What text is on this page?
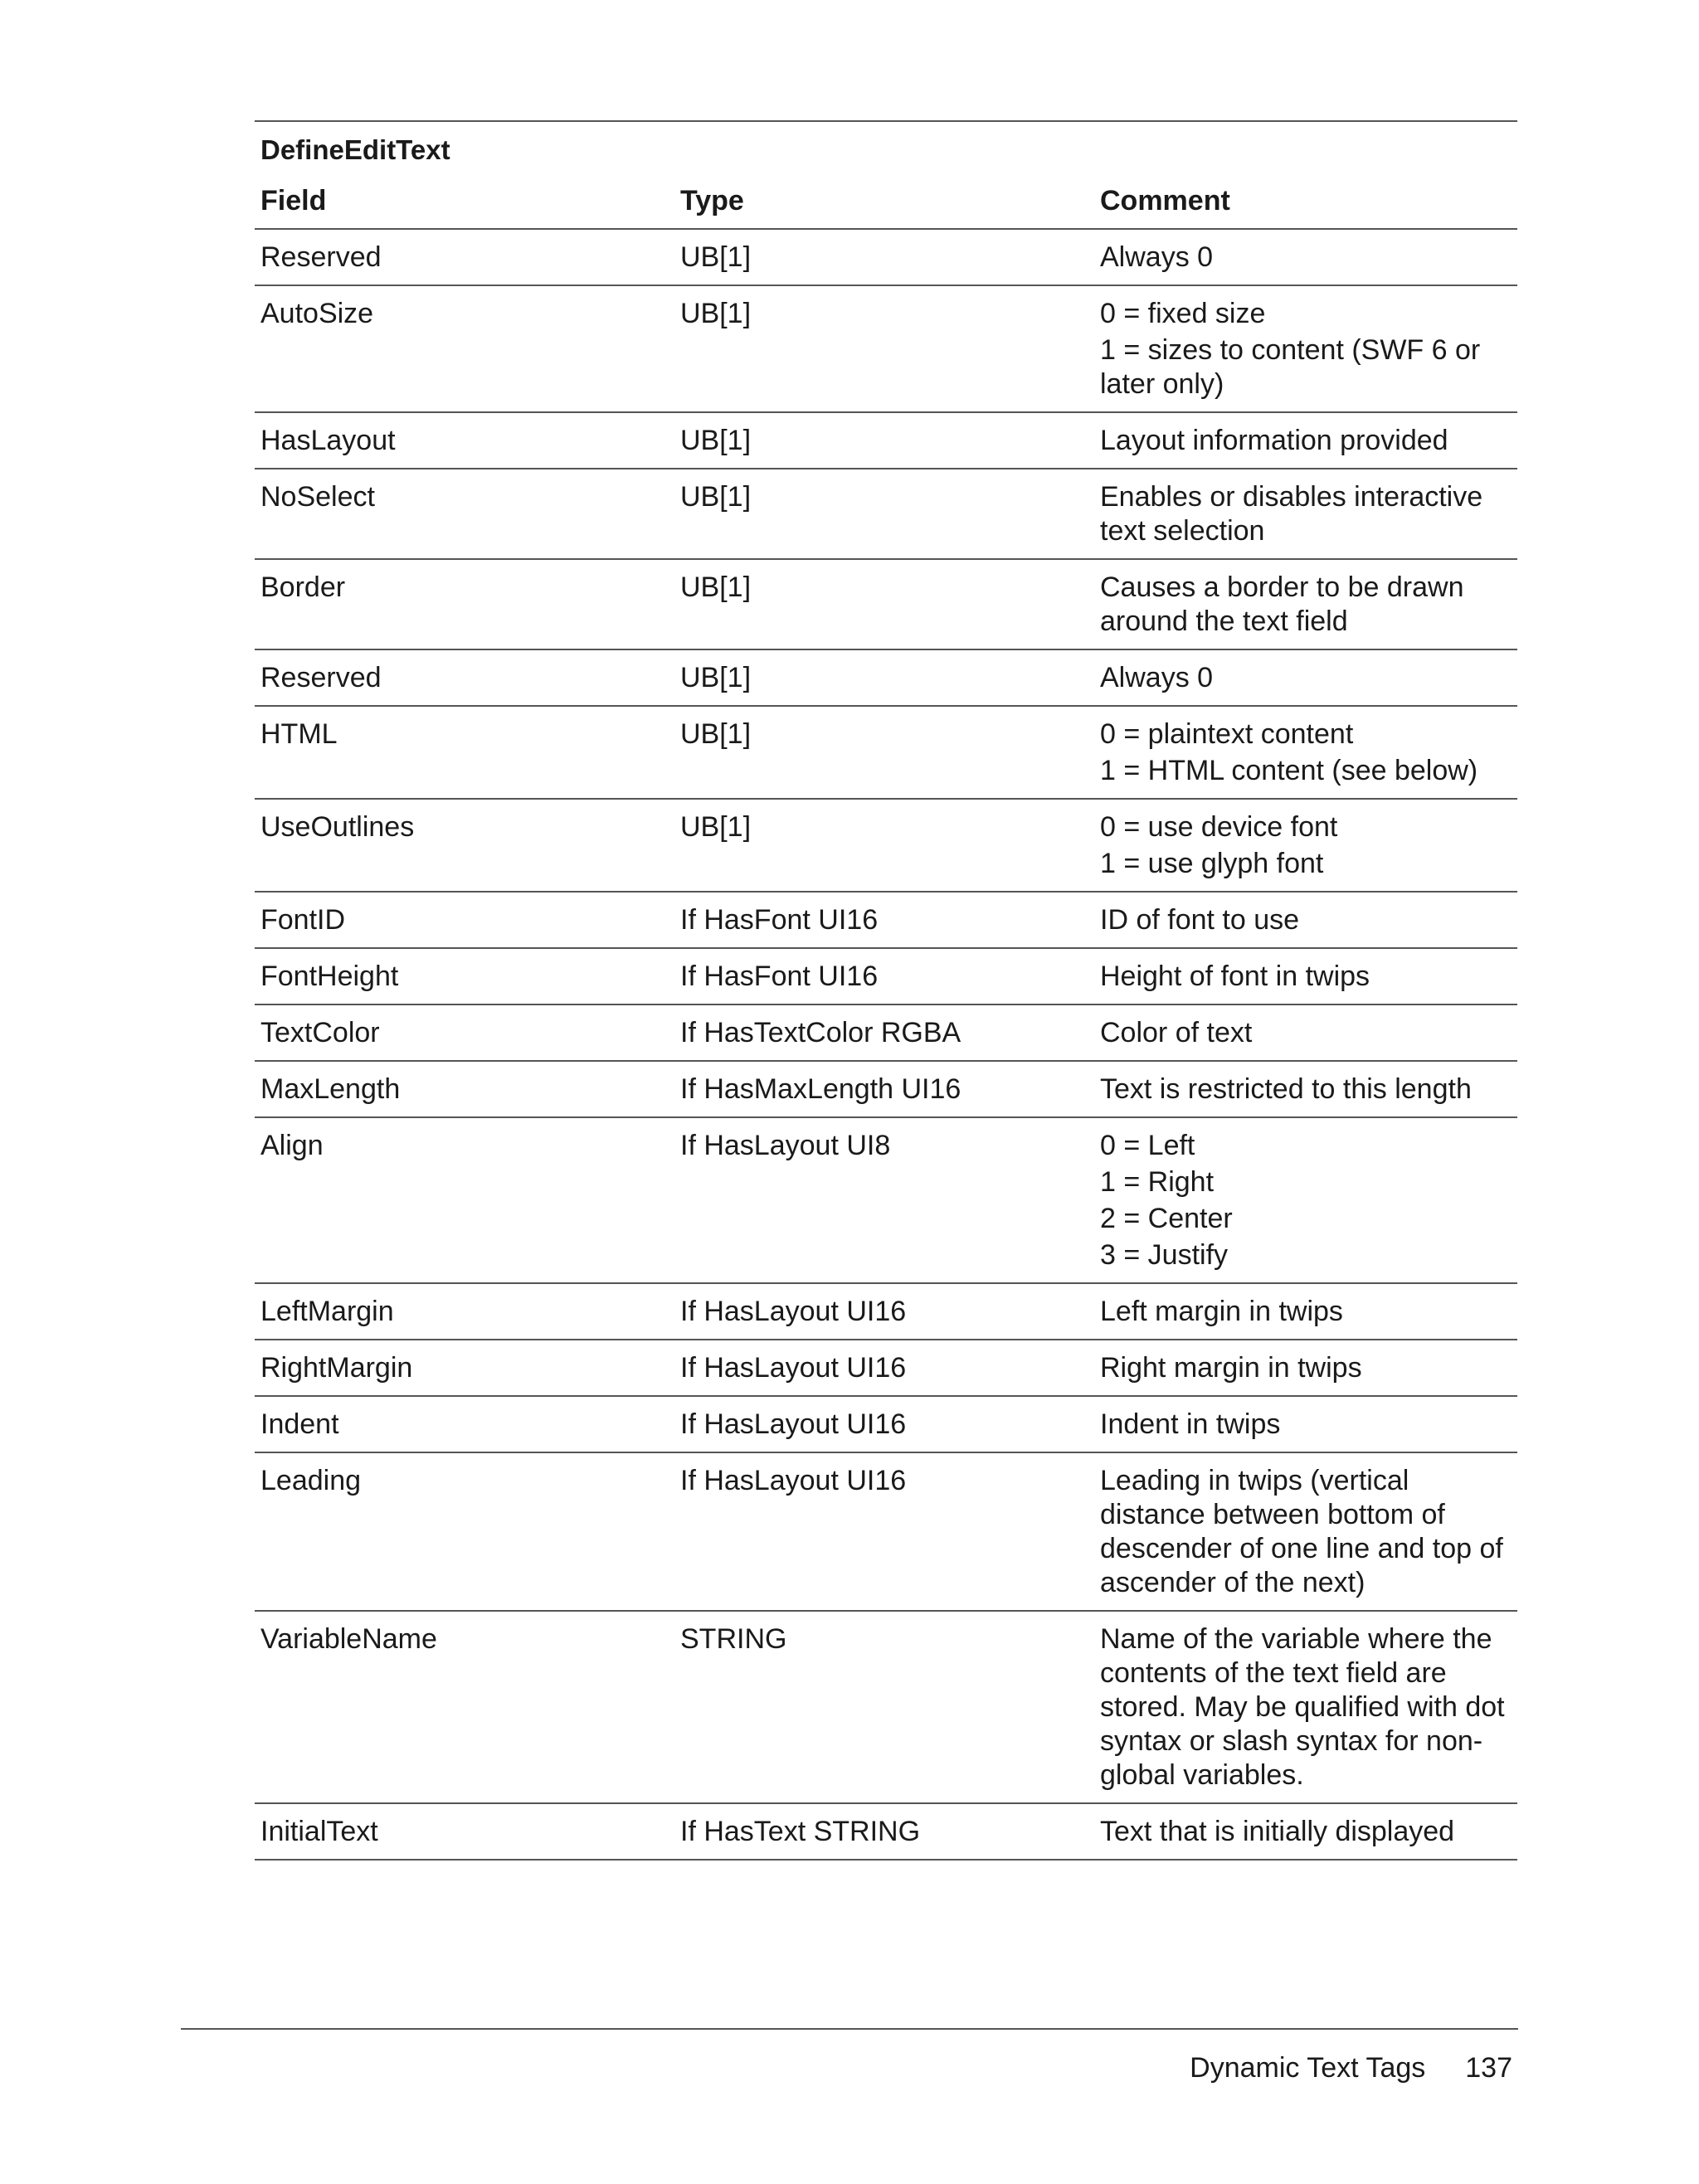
DefineEditText
Field	Type	Comment
Reserved	UB[1]	Always 0
AutoSize	UB[1]	0 = fixed size
1 = sizes to content (SWF 6 or later only)
HasLayout	UB[1]	Layout information provided
NoSelect	UB[1]	Enables or disables interactive text selection
Border	UB[1]	Causes a border to be drawn around the text field
Reserved	UB[1]	Always 0
HTML	UB[1]	0 = plaintext content
1 = HTML content (see below)
UseOutlines	UB[1]	0 = use device font
1 = use glyph font
FontID	If HasFont UI16	ID of font to use
FontHeight	If HasFont UI16	Height of font in twips
TextColor	If HasTextColor RGBA	Color of text
MaxLength	If HasMaxLength UI16	Text is restricted to this length
Align	If HasLayout UI8	0 = Left
1 = Right
2 = Center
3 = Justify
LeftMargin	If HasLayout UI16	Left margin in twips
RightMargin	If HasLayout UI16	Right margin in twips
Indent	If HasLayout UI16	Indent in twips
Leading	If HasLayout UI16	Leading in twips (vertical distance between bottom of descender of one line and top of ascender of the next)
VariableName	STRING	Name of the variable where the contents of the text field are stored. May be qualified with dot syntax or slash syntax for non-global variables.
InitialText	If HasText STRING	Text that is initially displayed
Dynamic Text Tags 137
